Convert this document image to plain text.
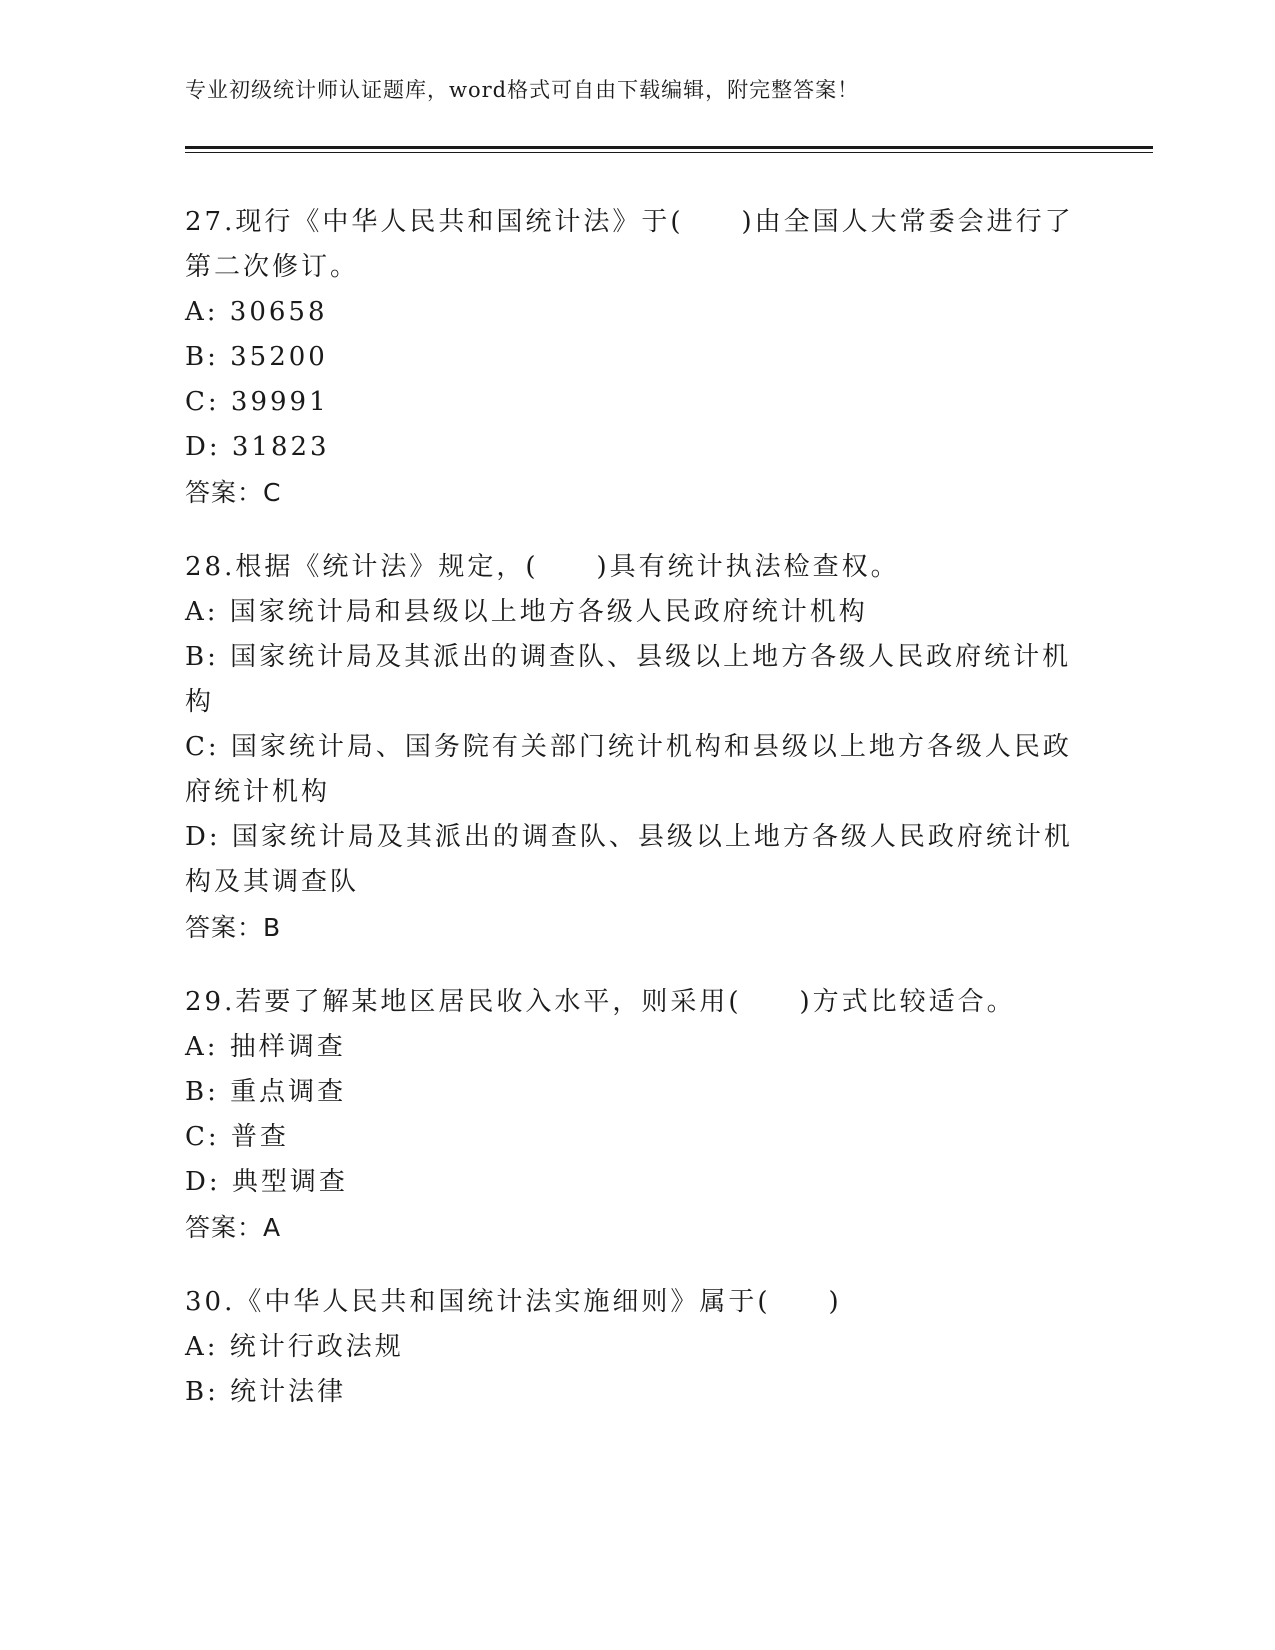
专业初级统计师认证题库，word格式可自由下载编辑，附完整答案！
27.现行《中华人民共和国统计法》于(　　)由全国人大常委会进行了
第二次修订。
A: 30658
B: 35200
C: 39991
D: 31823
答案：C
28.根据《统计法》规定，(　　)具有统计执法检查权。
A: 国家统计局和县级以上地方各级人民政府统计机构
B: 国家统计局及其派出的调查队、县级以上地方各级人民政府统计机
构
C: 国家统计局、国务院有关部门统计机构和县级以上地方各级人民政
府统计机构
D: 国家统计局及其派出的调查队、县级以上地方各级人民政府统计机
构及其调查队
答案：B
29.若要了解某地区居民收入水平，则采用(　　)方式比较适合。
A: 抽样调查
B: 重点调查
C: 普查
D: 典型调查
答案：A
30.《中华人民共和国统计法实施细则》属于(　　)
A: 统计行政法规
B: 统计法律
